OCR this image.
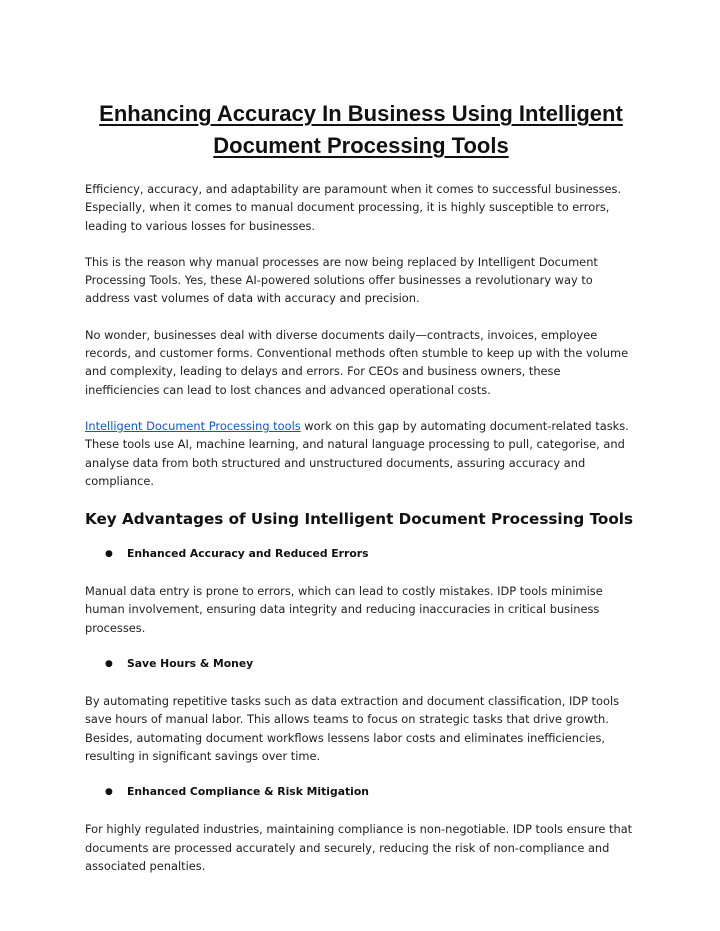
Enhancing Accuracy In Business Using Intelligent Document Processing Tools

Efficiency, accuracy, and adaptability are paramount when it comes to successful businesses. Especially, when it comes to manual document processing, it is highly susceptible to errors, leading to various losses for businesses.

This is the reason why manual processes are now being replaced by Intelligent Document Processing Tools. Yes, these AI-powered solutions offer businesses a revolutionary way to address vast volumes of data with accuracy and precision.

No wonder, businesses deal with diverse documents daily—contracts, invoices, employee records, and customer forms. Conventional methods often stumble to keep up with the volume and complexity, leading to delays and errors. For CEOs and business owners, these inefficiencies can lead to lost chances and advanced operational costs.

Intelligent Document Processing tools work on this gap by automating document-related tasks. These tools use AI, machine learning, and natural language processing to pull, categorise, and analyse data from both structured and unstructured documents, assuring accuracy and compliance.

Key Advantages of Using Intelligent Document Processing Tools
●	Enhanced Accuracy and Reduced Errors

Manual data entry is prone to errors, which can lead to costly mistakes. IDP tools minimise human involvement, ensuring data integrity and reducing inaccuracies in critical business processes.

●	Save Hours & Money

By automating repetitive tasks such as data extraction and document classification, IDP tools save hours of manual labor. This allows teams to focus on strategic tasks that drive growth. Besides, automating document workflows lessens labor costs and eliminates inefficiencies, resulting in significant savings over time.

●	Enhanced Compliance & Risk Mitigation

For highly regulated industries, maintaining compliance is non-negotiable. IDP tools ensure that documents are processed accurately and securely, reducing the risk of non-compliance and associated penalties.
